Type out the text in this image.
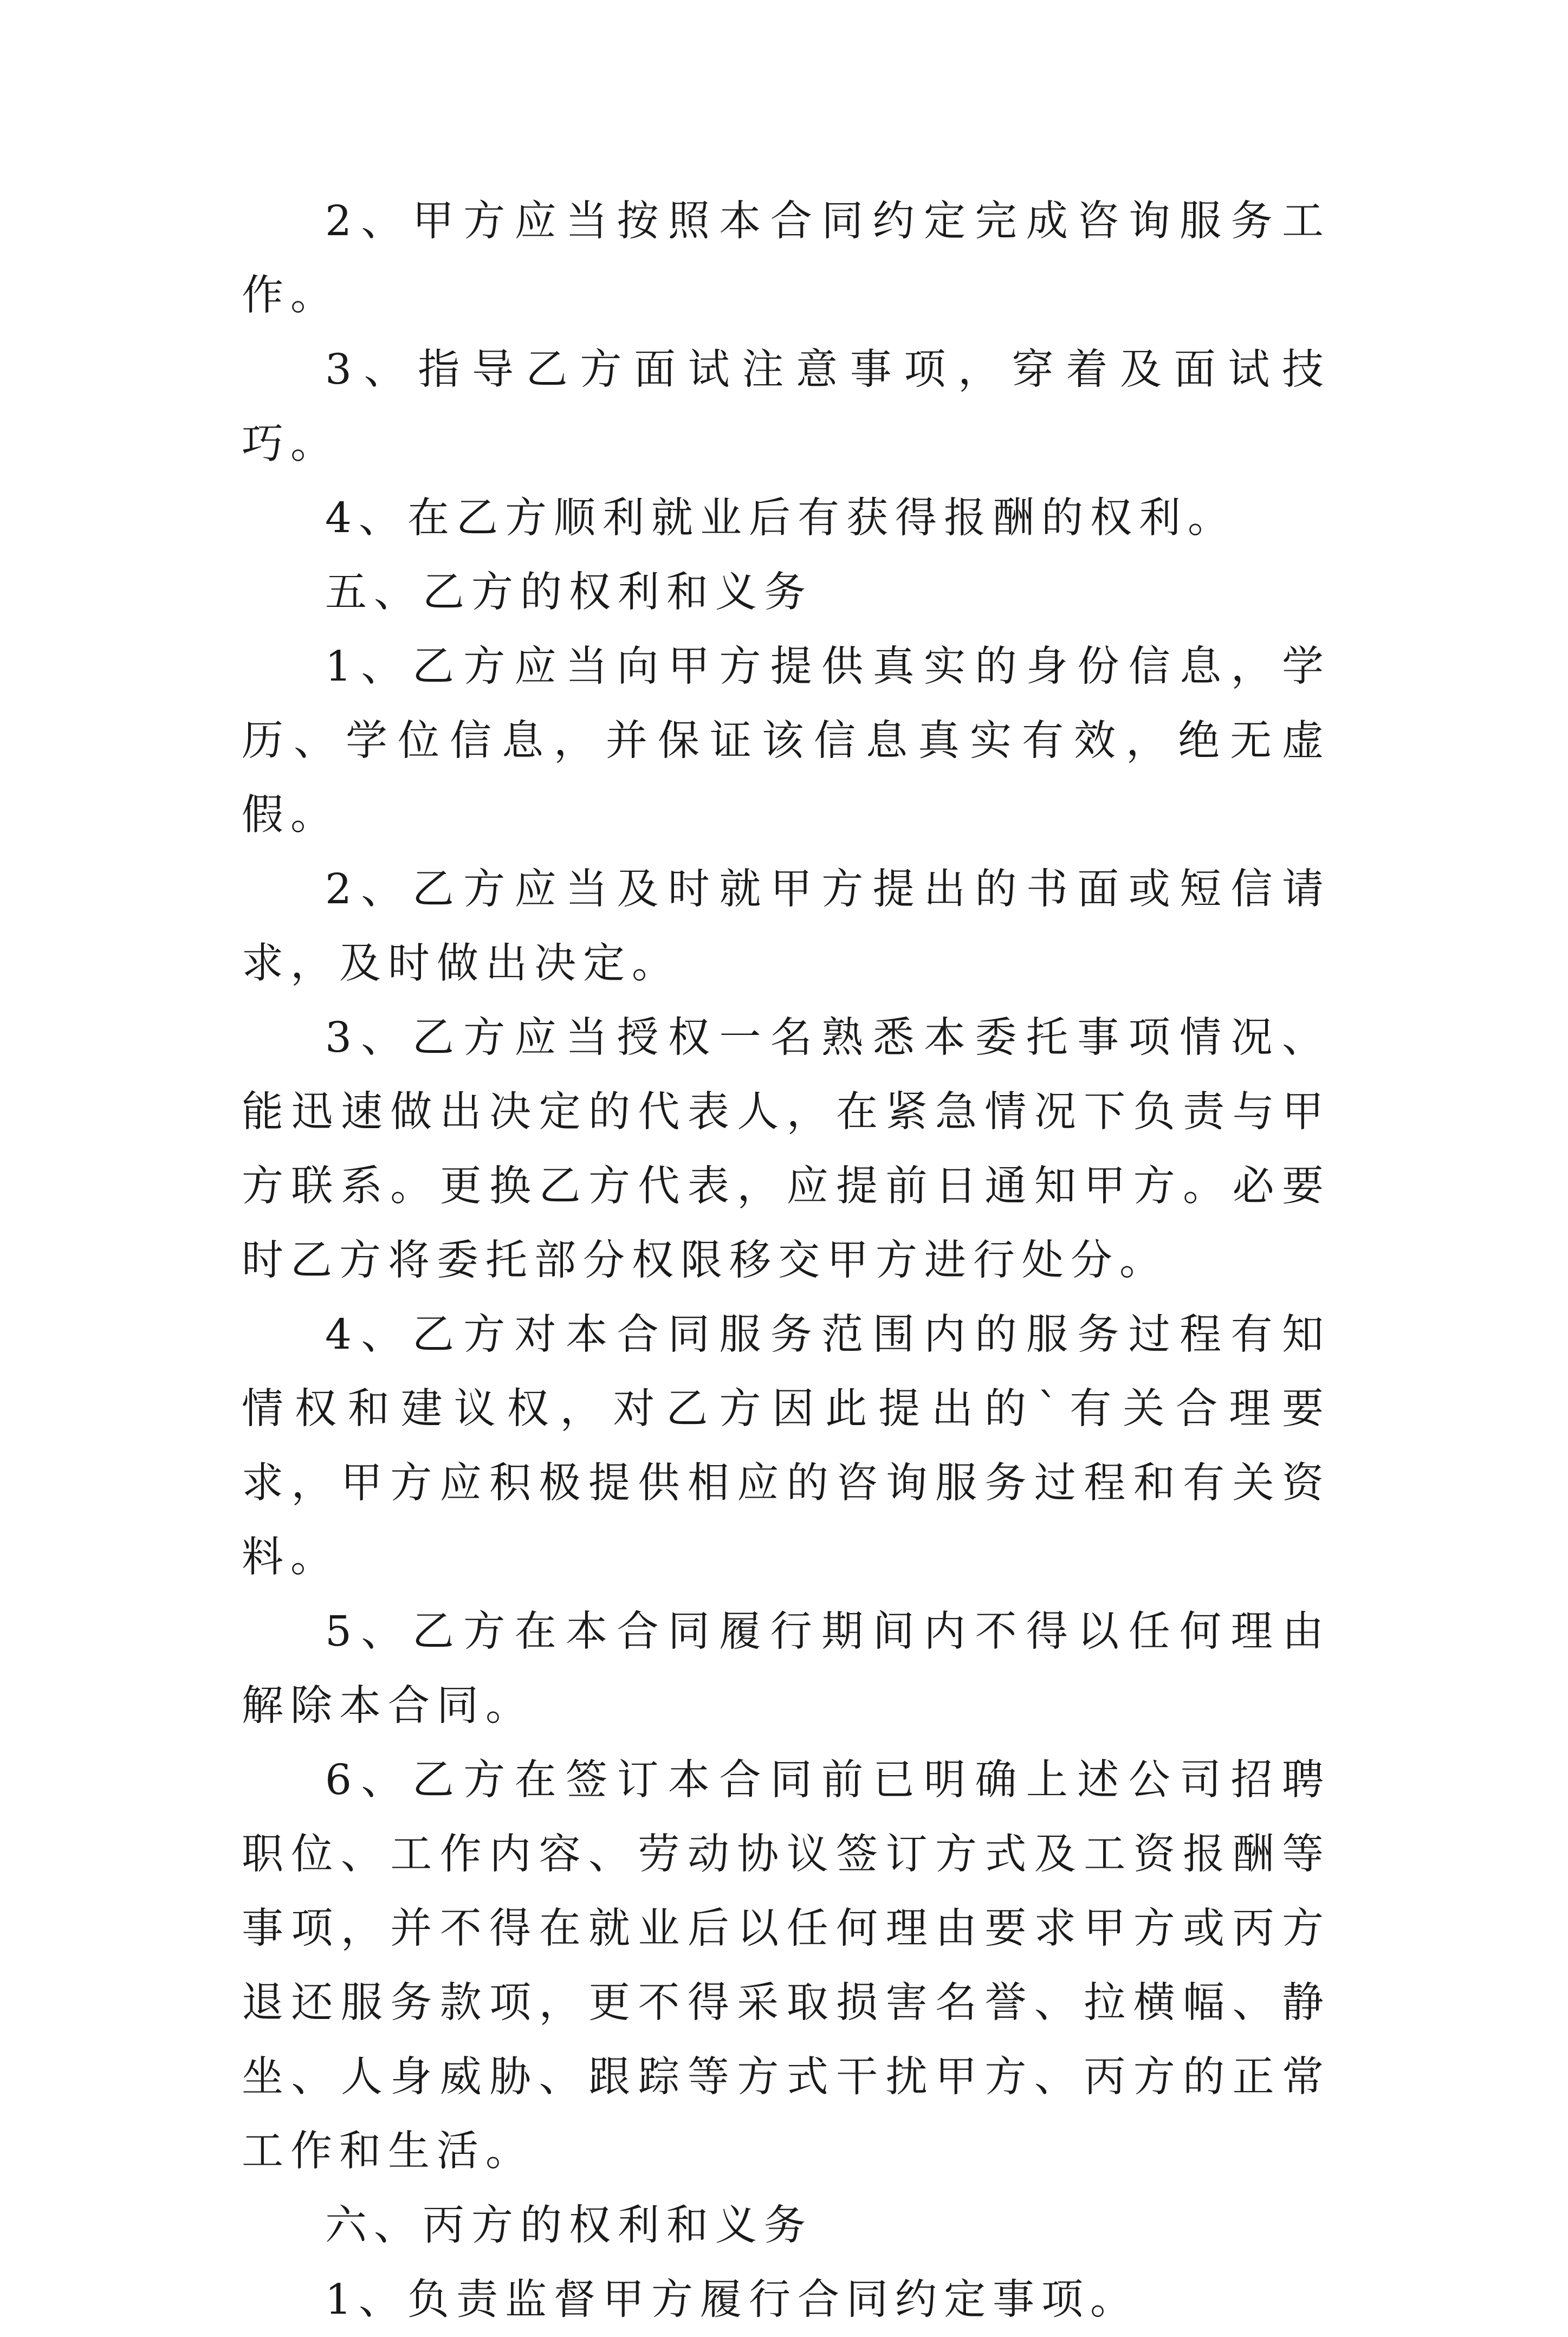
2、甲方应当按照本合同约定完成咨询服务工作。

3、指导乙方面试注意事项，穿着及面试技巧。

4、在乙方顺利就业后有获得报酬的权利。

五、乙方的权利和义务

1、乙方应当向甲方提供真实的身份信息，学历、学位信息，并保证该信息真实有效，绝无虚假。

2、乙方应当及时就甲方提出的书面或短信请求，及时做出决定。

3、乙方应当授权一名熟悉本委托事项情况、能迅速做出决定的代表人，在紧急情况下负责与甲方联系。更换乙方代表，应提前日通知甲方。必要时乙方将委托部分权限移交甲方进行处分。

4、乙方对本合同服务范围内的服务过程有知情权和建议权，对乙方因此提出的`有关合理要求，甲方应积极提供相应的咨询服务过程和有关资料。

5、乙方在本合同履行期间内不得以任何理由解除本合同。

6、乙方在签订本合同前已明确上述公司招聘职位、工作内容、劳动协议签订方式及工资报酬等事项，并不得在就业后以任何理由要求甲方或丙方退还服务款项，更不得采取损害名誉、拉横幅、静坐、人身威胁、跟踪等方式干扰甲方、丙方的正常工作和生活。

六、丙方的权利和义务

1、负责监督甲方履行合同约定事项。
